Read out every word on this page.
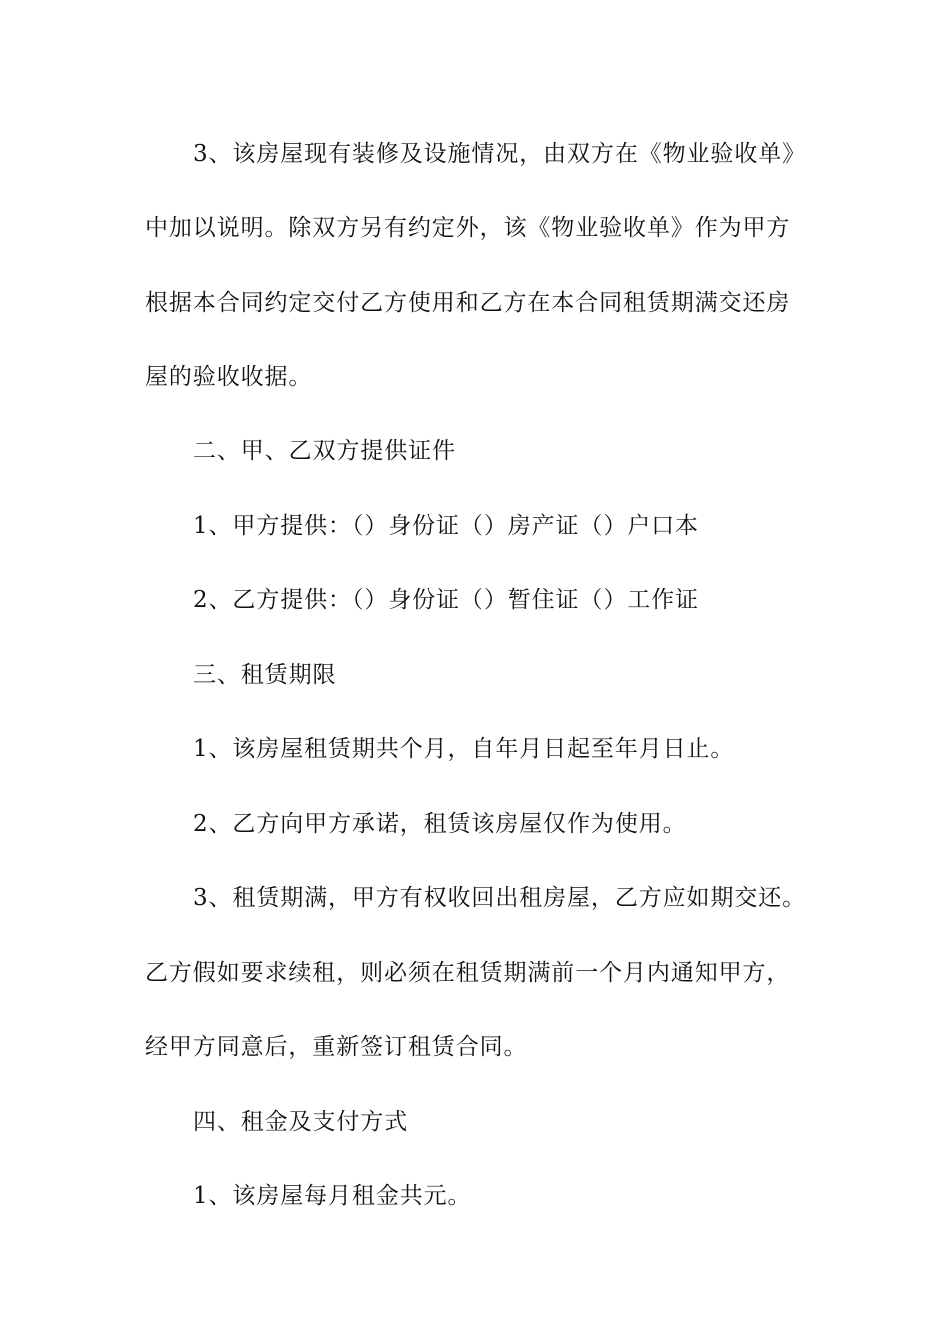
3、该房屋现有装修及设施情况，由双方在《物业验收单》
中加以说明。除双方另有约定外，该《物业验收单》作为甲方
根据本合同约定交付乙方使用和乙方在本合同租赁期满交还房
屋的验收收据。
二、甲、乙双方提供证件
1、甲方提供：（）身份证（）房产证（）户口本
2、乙方提供：（）身份证（）暂住证（）工作证
三、租赁期限
1、该房屋租赁期共个月，自年月日起至年月日止。
2、乙方向甲方承诺，租赁该房屋仅作为使用。
3、租赁期满，甲方有权收回出租房屋，乙方应如期交还。
乙方假如要求续租，则必须在租赁期满前一个月内通知甲方，
经甲方同意后，重新签订租赁合同。
四、租金及支付方式
1、该房屋每月租金共元。
